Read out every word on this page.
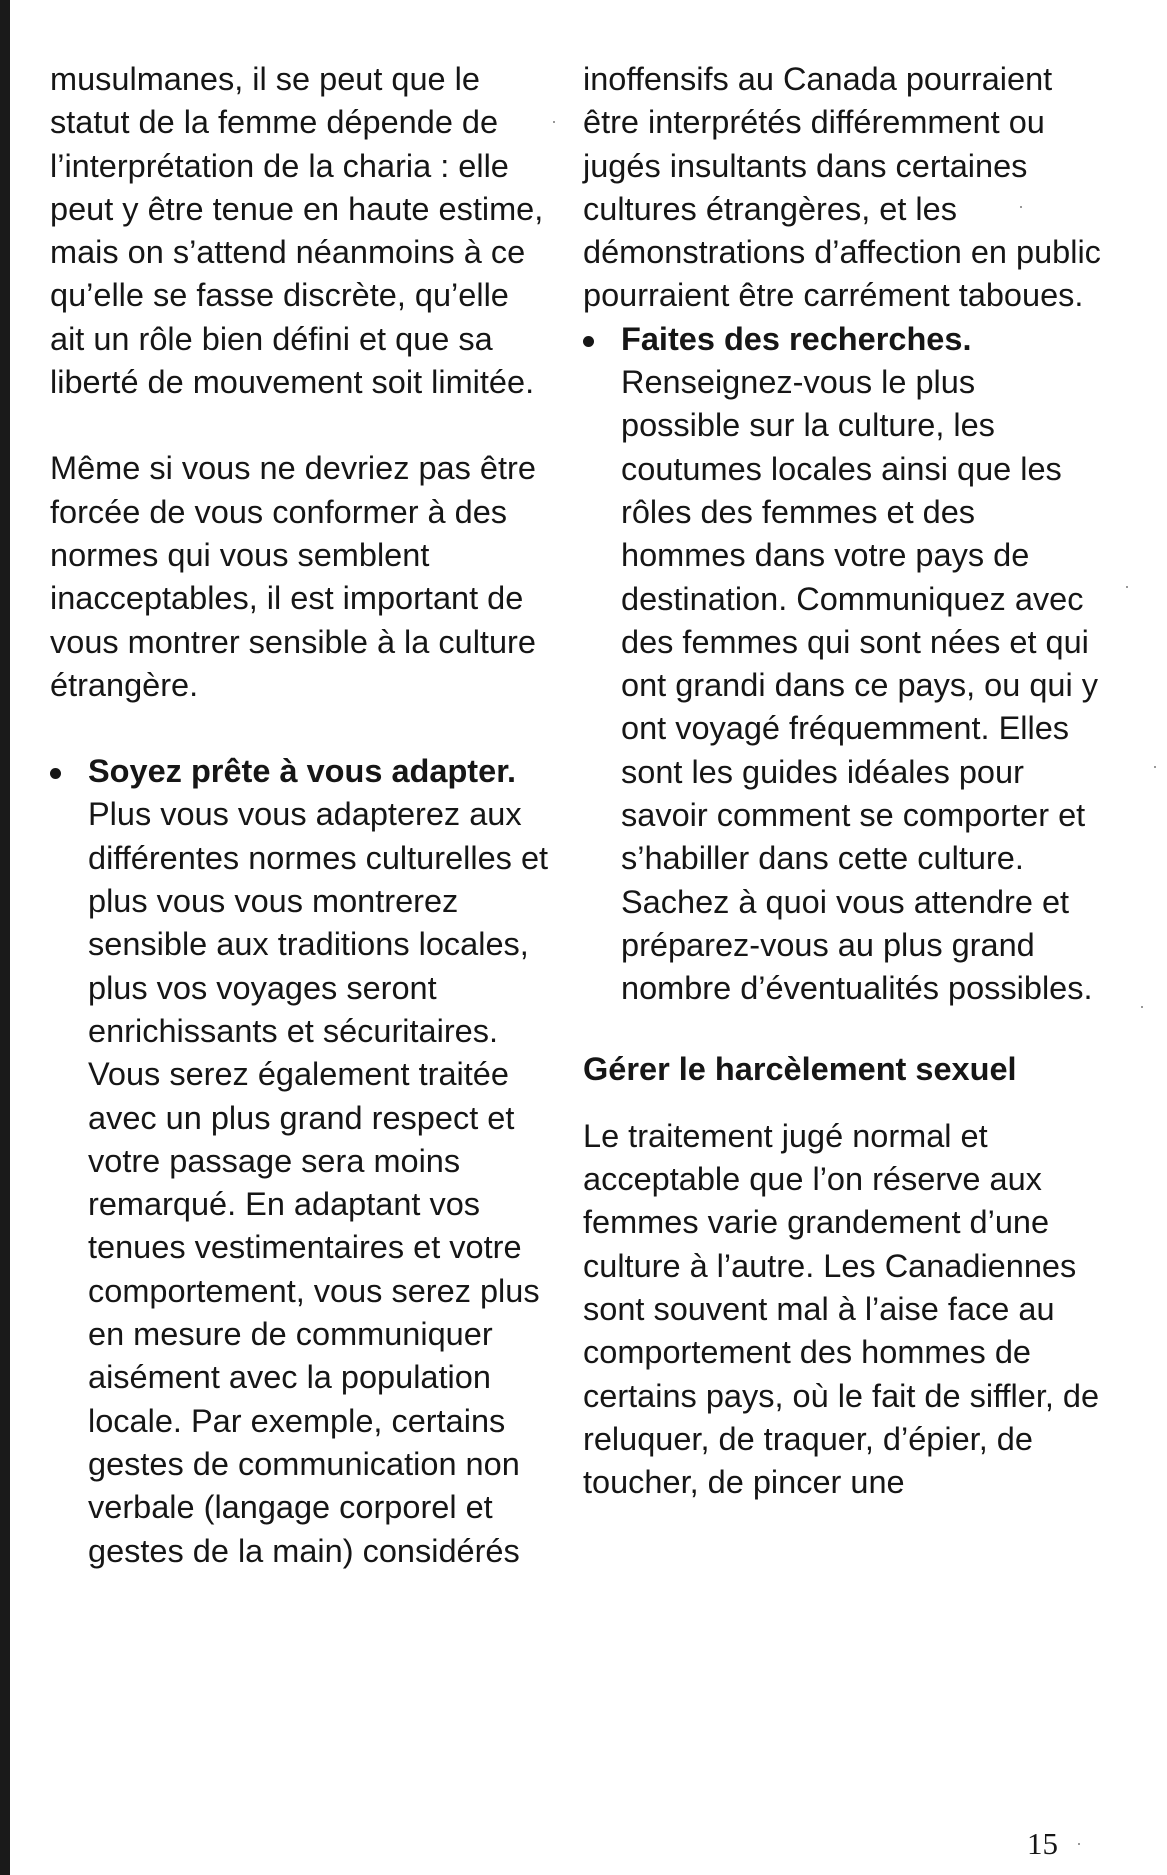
musulmanes, il se peut que le statut de la femme dépende de l’interprétation de la charia : elle peut y être tenue en haute estime, mais on s’attend néanmoins à ce qu’elle se fasse discrète, qu’elle ait un rôle bien défini et que sa liberté de mouvement soit limitée.

Même si vous ne devriez pas être forcée de vous conformer à des normes qui vous semblent inacceptables, il est important de vous montrer sensible à la culture étrangère.

Soyez prête à vous adapter. Plus vous vous adapterez aux différentes normes culturelles et plus vous vous montrerez sensible aux traditions locales, plus vos voyages seront enrichissants et sécuritaires. Vous serez également traitée avec un plus grand respect et votre passage sera moins remarqué. En adaptant vos tenues vestimentaires et votre comportement, vous serez plus en mesure de communiquer aisément avec la population locale. Par exemple, certains gestes de communication non verbale (langage corporel et gestes de la main) considérés

inoffensifs au Canada pourraient être interprétés différemment ou jugés insultants dans certaines cultures étrangères, et les démonstrations d’affection en public pourraient être carrément taboues.

Faites des recherches. Renseignez-vous le plus possible sur la culture, les coutumes locales ainsi que les rôles des femmes et des hommes dans votre pays de destination. Communiquez avec des femmes qui sont nées et qui ont grandi dans ce pays, ou qui y ont voyagé fréquemment. Elles sont les guides idéales pour savoir comment se comporter et s’habiller dans cette culture. Sachez à quoi vous attendre et préparez-vous au plus grand nombre d’éventualités possibles.

Gérer le harcèlement sexuel

Le traitement jugé normal et acceptable que l’on réserve aux femmes varie grandement d’une culture à l’autre. Les Canadiennes sont souvent mal à l’aise face au comportement des hommes de certains pays, où le fait de siffler, de reluquer, de traquer, d’épier, de toucher, de pincer une

15
